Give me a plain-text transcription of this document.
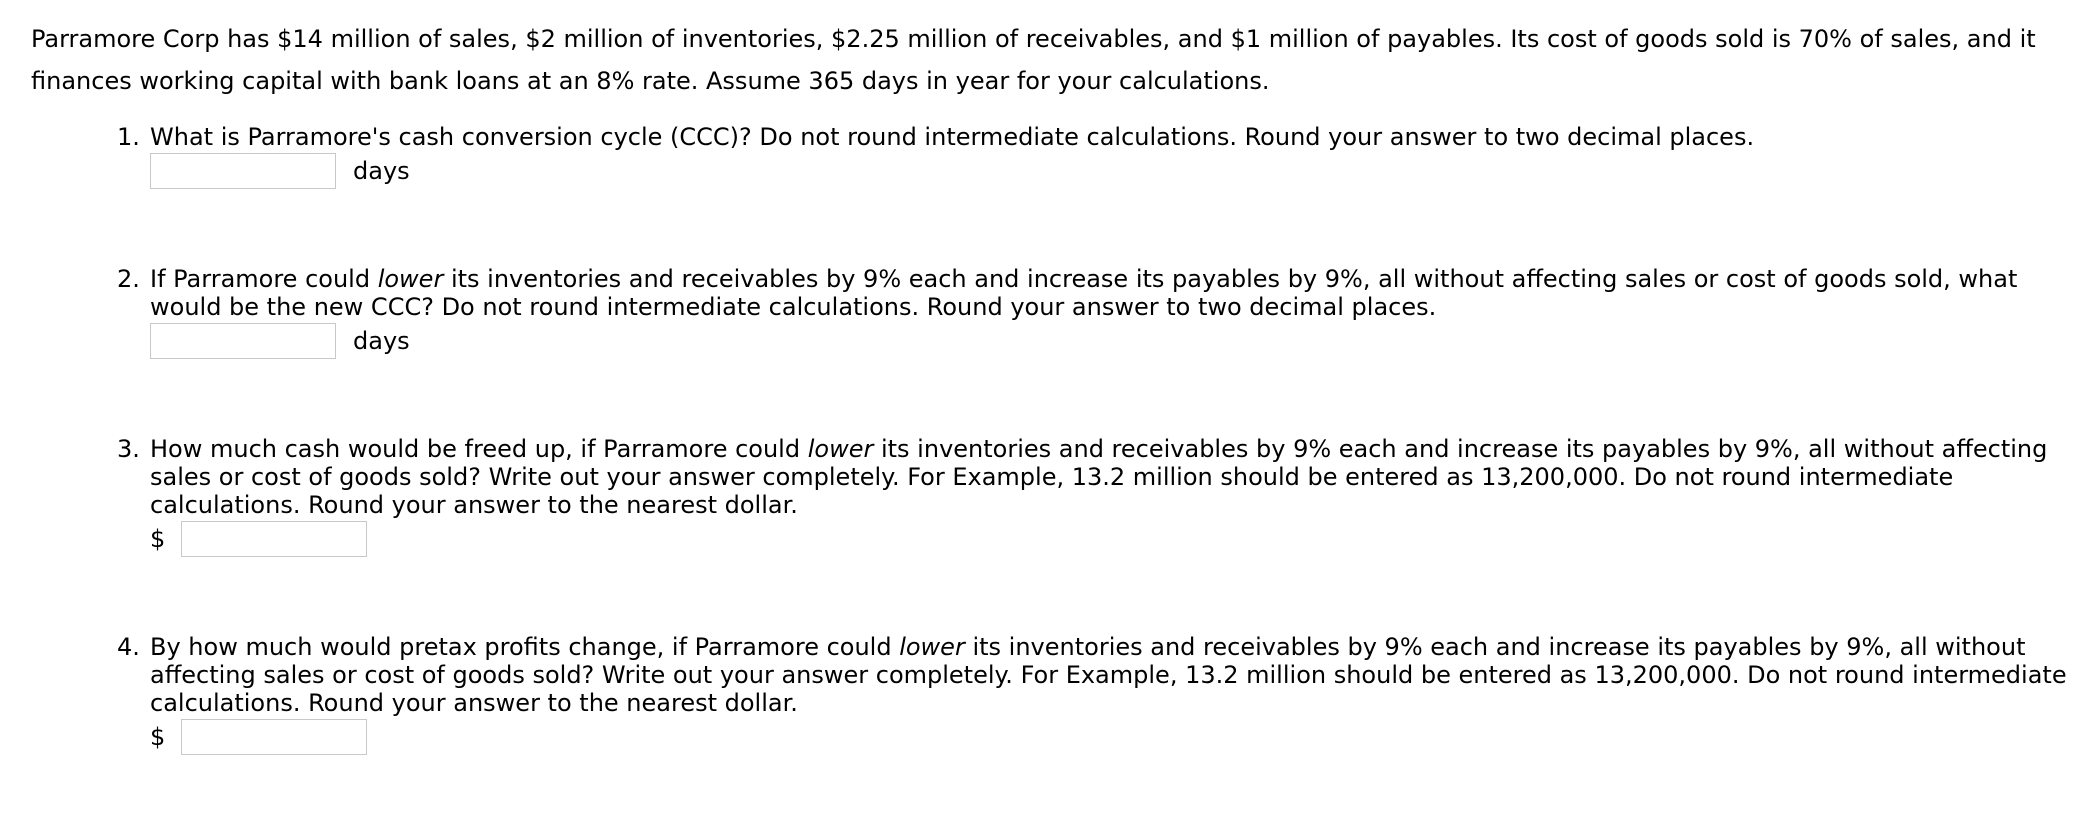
Parramore Corp has $14 million of sales, $2 million of inventories, $2.25 million of receivables, and $1 million of payables. Its cost of goods sold is 70% of sales, and it finances working capital with bank loans at an 8% rate. Assume 365 days in year for your calculations.

1. What is Parramore's cash conversion cycle (CCC)? Do not round intermediate calculations. Round your answer to two decimal places.

days
2. If Parramore could lower its inventories and receivables by 9% each and increase its payables by 9%, all without affecting sales or cost of goods sold, what would be the new CCC? Do not round intermediate calculations. Round your answer to two decimal places.

days
3. How much cash would be freed up, if Parramore could lower its inventories and receivables by 9% each and increase its payables by 9%, all without affecting sales or cost of goods sold? Write out your answer completely. For Example, 13.2 million should be entered as 13,200,000. Do not round intermediate calculations. Round your answer to the nearest dollar.

$
4. By how much would pretax profits change, if Parramore could lower its inventories and receivables by 9% each and increase its payables by 9%, all without affecting sales or cost of goods sold? Write out your answer completely. For Example, 13.2 million should be entered as 13,200,000. Do not round intermediate calculations. Round your answer to the nearest dollar.

$
